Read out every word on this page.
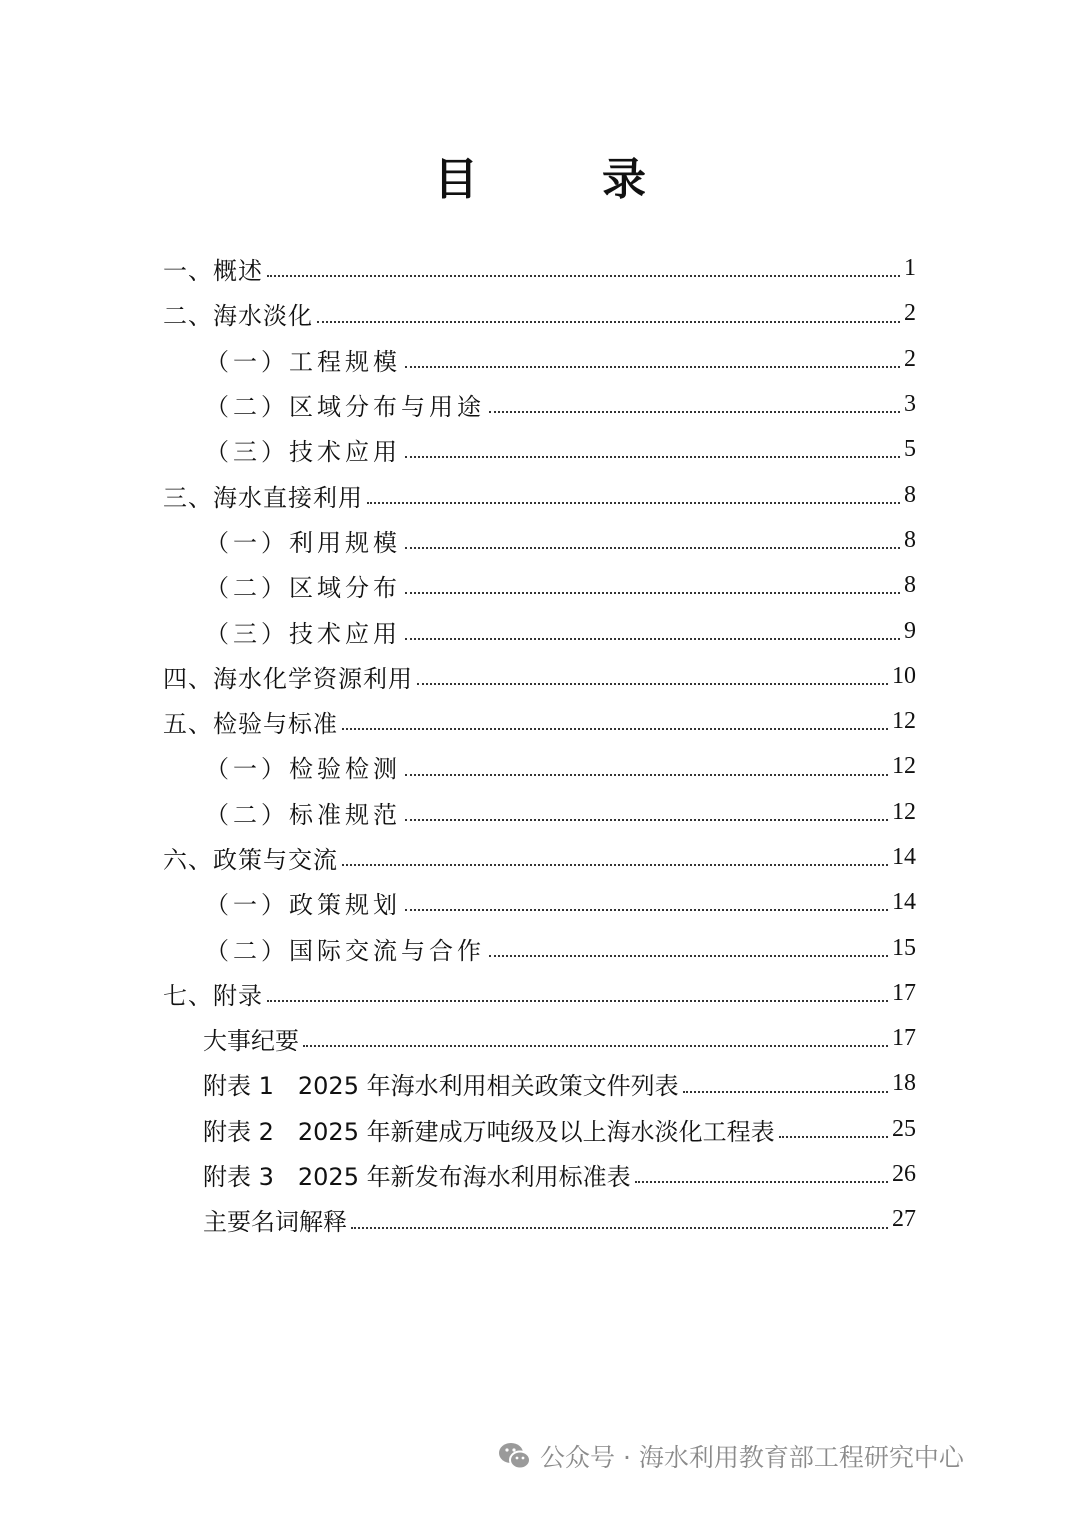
目　录
一、概述	1
二、海水淡化	2
（一）工程规模	2
（二）区域分布与用途	3
（三）技术应用	5
三、海水直接利用	8
（一）利用规模	8
（二）区域分布	8
（三）技术应用	9
四、海水化学资源利用	10
五、检验与标准	12
（一）检验检测	12
（二）标准规范	12
六、政策与交流	14
（一）政策规划	14
（二）国际交流与合作	15
七、附录	17
大事纪要	17
附表 1　2025 年海水利用相关政策文件列表	18
附表 2　2025 年新建成万吨级及以上海水淡化工程表	25
附表 3　2025 年新发布海水利用标准表	26
主要名词解释	27
公众号 · 海水利用教育部工程研究中心
